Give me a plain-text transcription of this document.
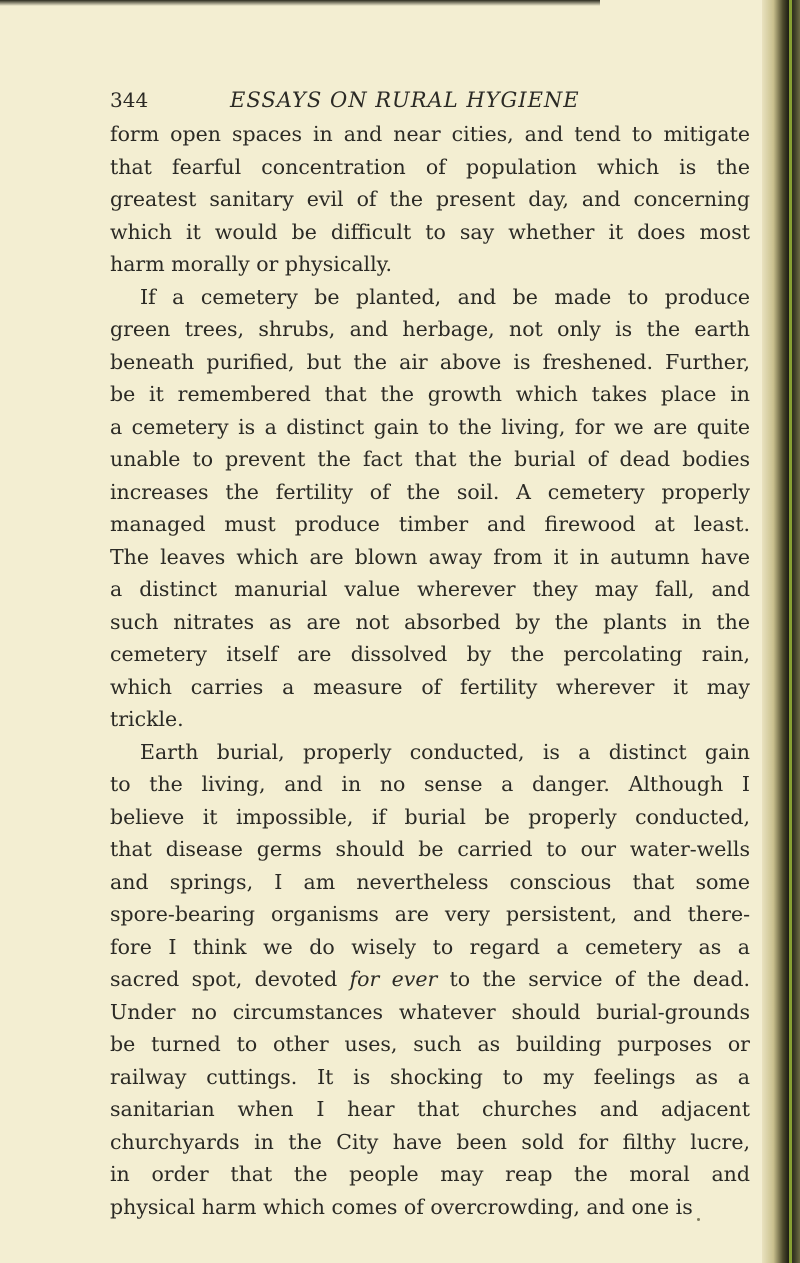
344	ESSAYS ON RURAL HYGIENE
form open spaces in and near cities, and tend to mitigate
that fearful concentration of population which is the
greatest sanitary evil of the present day, and concerning
which it would be difficult to say whether it does most
harm morally or physically.
If a cemetery be planted, and be made to produce
green trees, shrubs, and herbage, not only is the earth
beneath purified, but the air above is freshened. Further,
be it remembered that the growth which takes place in
a cemetery is a distinct gain to the living, for we are quite
unable to prevent the fact that the burial of dead bodies
increases the fertility of the soil. A cemetery properly
managed must produce timber and firewood at least.
The leaves which are blown away from it in autumn have
a distinct manurial value wherever they may fall, and
such nitrates as are not absorbed by the plants in the
cemetery itself are dissolved by the percolating rain,
which carries a measure of fertility wherever it may
trickle.
Earth burial, properly conducted, is a distinct gain
to the living, and in no sense a danger. Although I
believe it impossible, if burial be properly conducted,
that disease germs should be carried to our water-wells
and springs, I am nevertheless conscious that some
spore-bearing organisms are very persistent, and there-
fore I think we do wisely to regard a cemetery as a
sacred spot, devoted for ever to the service of the dead.
Under no circumstances whatever should burial-grounds
be turned to other uses, such as building purposes or
railway cuttings. It is shocking to my feelings as a
sanitarian when I hear that churches and adjacent
churchyards in the City have been sold for filthy lucre,
in order that the people may reap the moral and
physical harm which comes of overcrowding, and one is
